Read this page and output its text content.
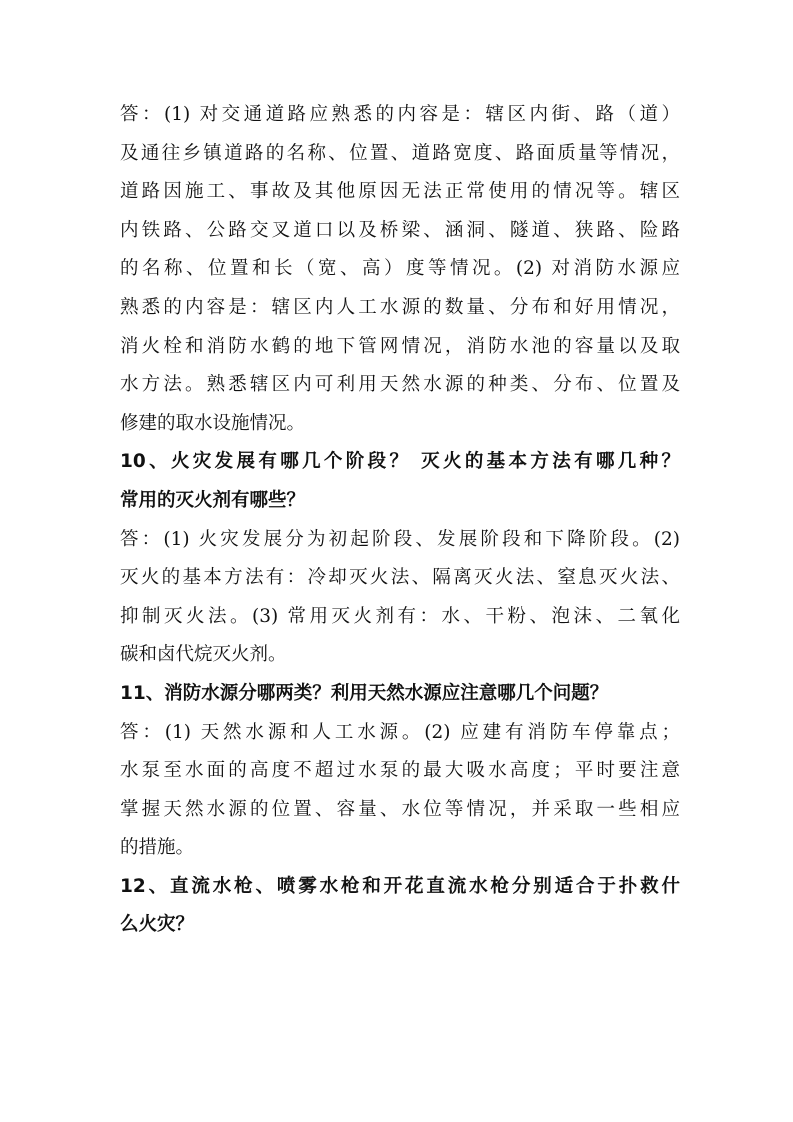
答：(1) 对交通道路应熟悉的内容是：辖区内街、路（道）
及通往乡镇道路的名称、位置、道路宽度、路面质量等情况，
道路因施工、事故及其他原因无法正常使用的情况等。辖区
内铁路、公路交叉道口以及桥梁、涵洞、隧道、狭路、险路
的名称、位置和长（宽、高）度等情况。(2) 对消防水源应
熟悉的内容是：辖区内人工水源的数量、分布和好用情况，
消火栓和消防水鹤的地下管网情况，消防水池的容量以及取
水方法。熟悉辖区内可利用天然水源的种类、分布、位置及
修建的取水设施情况。
10、火灾发展有哪几个阶段？ 灭火的基本方法有哪几种？
常用的灭火剂有哪些？
答：(1) 火灾发展分为初起阶段、发展阶段和下降阶段。(2)
灭火的基本方法有：冷却灭火法、隔离灭火法、窒息灭火法、
抑制灭火法。(3) 常用灭火剂有：水、干粉、泡沫、二氧化
碳和卤代烷灭火剂。
11、消防水源分哪两类？利用天然水源应注意哪几个问题？
答：(1) 天然水源和人工水源。(2) 应建有消防车停靠点；
水泵至水面的高度不超过水泵的最大吸水高度；平时要注意
掌握天然水源的位置、容量、水位等情况，并采取一些相应
的措施。
12、直流水枪、喷雾水枪和开花直流水枪分别适合于扑救什
么火灾？
